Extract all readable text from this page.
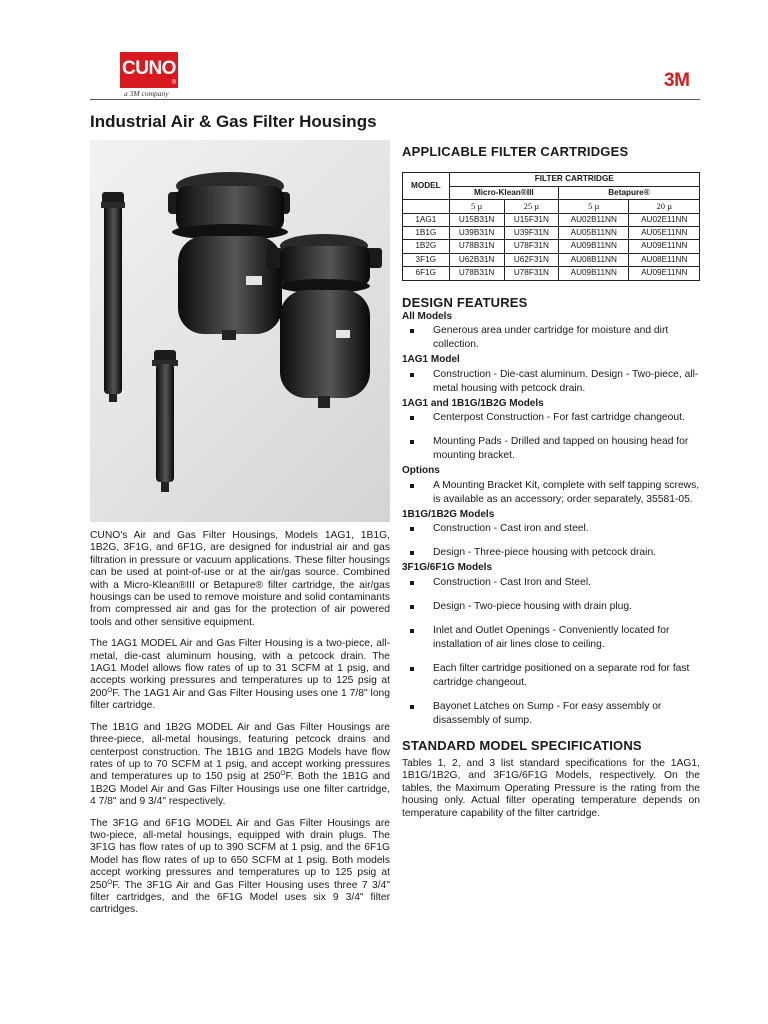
CUNO
®
a 3M company
3M
Industrial Air & Gas Filter Housings

CUNO's Air and Gas Filter Housings, Models 1AG1, 1B1G, 1B2G, 3F1G, and 6F1G, are designed for industrial air and gas filtration in pressure or vacuum applications. These filter housings can be used at point-of-use or at the air/gas source. Combined with a Micro-Klean®III or Betapure® filter cartridge, the air/gas housings can be used to remove moisture and solid contaminants from compressed air and gas for the protection of air powered tools and other sensitive equipment.

The 1AG1 MODEL Air and Gas Filter Housing is a two-piece, all-metal, die-cast aluminum housing, with a petcock drain. The 1AG1 Model allows flow rates of up to 31 SCFM at 1 psig, and accepts working pressures and temperatures up to 125 psig at $200^OF$. The 1AG1 Air and Gas Filter Housing uses one 1 7/8" long filter cartridge.

The 1B1G and 1B2G MODEL Air and Gas Filter Housings are three-piece, all-metal housings, featuring petcock drains and centerpost construction. The 1B1G and 1B2G Models have flow rates of up to 70 SCFM at 1 psig, and accept working pressures and temperatures up to 150 psig at $250^OF$. Both the 1B1G and 1B2G Model Air and Gas Filter Housings use one filter cartridge, 4 7/8" and 9 3/4" respectively.

The 3F1G and 6F1G MODEL Air and Gas Filter Housings are two-piece, all-metal housings, equipped with drain plugs. The 3F1G has flow rates of up to 390 SCFM at 1 psig, and the 6F1G Model has flow rates of up to 650 SCFM at 1 psig. Both models accept working pressures and temperatures up to 125 psig at $250^OF$. The 3F1G Air and Gas Filter Housing uses three 7 3/4" filter cartridges, and the 6F1G Model uses six 9 3/4" filter cartridges.

APPLICABLE FILTER CARTRIDGES
MODEL	FILTER CARTRIDGE			
	Micro-Klean®III		Betapure®	
	5 µ	25 µ	5 µ	20 µ
1AG1	U15B31N	U15F31N	AU02B11NN	AU02E11NN
1B1G	U39B31N	U39F31N	AU05B11NN	AU05E11NN
1B2G	U78B31N	U78F31N	AU09B11NN	AU09E11NN
3F1G	U62B31N	U62F31N	AU08B11NN	AU08E11NN
6F1G	U78B31N	U78F31N	AU09B11NN	AU09E11NN
DESIGN FEATURES
All Models
Generous area under cartridge for moisture and dirt collection.
1AG1 Model
Construction - Die-cast aluminum. Design - Two-piece, all-metal housing with petcock drain.
1AG1 and 1B1G/1B2G Models
Centerpost Construction - For fast cartridge changeout.
Mounting Pads - Drilled and tapped on housing head for mounting bracket.
Options
A Mounting Bracket Kit, complete with self tapping screws, is available as an accessory; order separately, 35581-05.
1B1G/1B2G Models
Construction - Cast iron and steel.
Design - Three-piece housing with petcock drain.
3F1G/6F1G Models
Construction - Cast Iron and Steel.
Design - Two-piece housing with drain plug.
Inlet and Outlet Openings - Conveniently located for installation of air lines close to ceiling.
Each filter cartridge positioned on a separate rod for fast cartridge changeout.
Bayonet Latches on Sump - For easy assembly or disassembly of sump.
STANDARD MODEL SPECIFICATIONS

Tables 1, 2, and 3 list standard specifications for the 1AG1, 1B1G/1B2G, and 3F1G/6F1G Models, respectively. On the tables, the Maximum Operating Pressure is the rating from the housing only. Actual filter operating temperature depends on temperature capability of the filter cartridge.
